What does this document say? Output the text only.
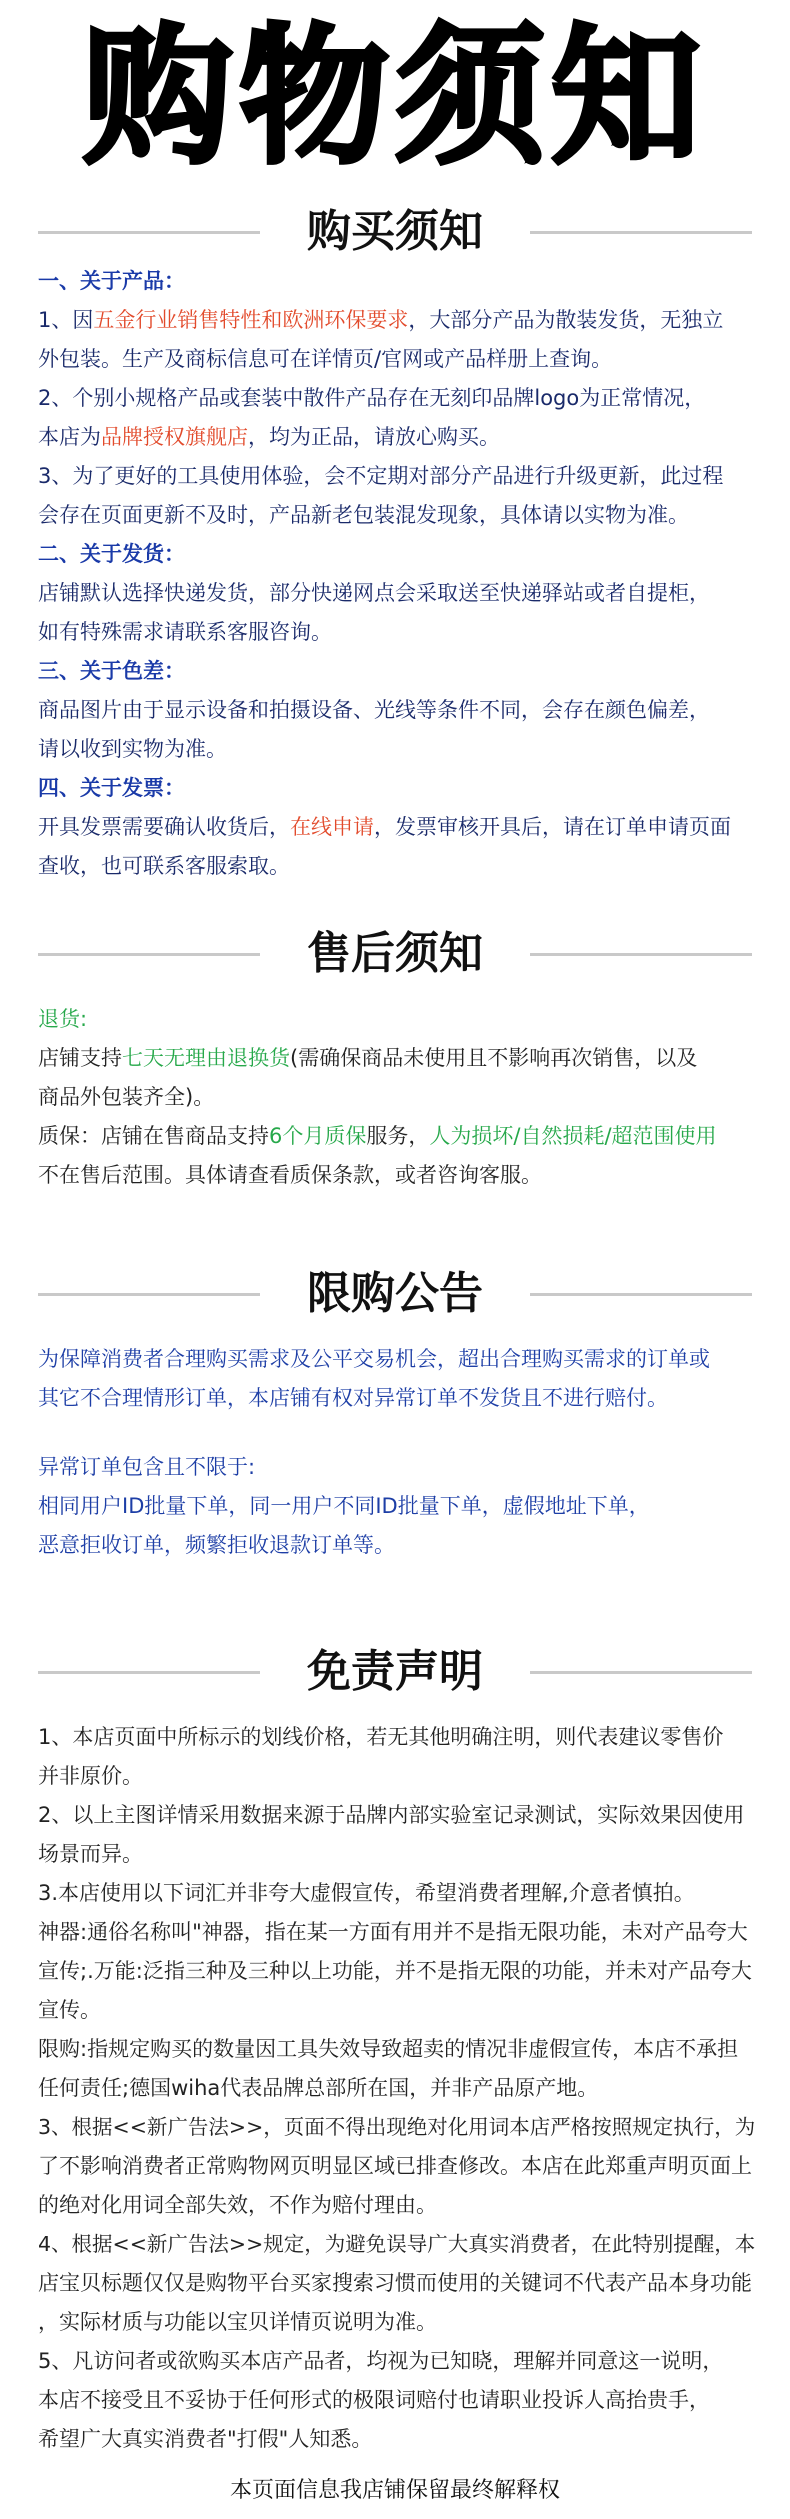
购物须知
购买须知
一、关于产品：
1、因五金行业销售特性和欧洲环保要求，大部分产品为散装发货，无独立
外包装。生产及商标信息可在详情页/官网或产品样册上查询。
2、个别小规格产品或套装中散件产品存在无刻印品牌logo为正常情况，
本店为品牌授权旗舰店，均为正品，请放心购买。
3、为了更好的工具使用体验，会不定期对部分产品进行升级更新，此过程
会存在页面更新不及时，产品新老包装混发现象，具体请以实物为准。
二、关于发货：
店铺默认选择快递发货，部分快递网点会采取送至快递驿站或者自提柜，
如有特殊需求请联系客服咨询。
三、关于色差：
商品图片由于显示设备和拍摄设备、光线等条件不同，会存在颜色偏差，
请以收到实物为准。
四、关于发票：
开具发票需要确认收货后，在线申请，发票审核开具后，请在订单申请页面
查收，也可联系客服索取。
售后须知
退货:
店铺支持七天无理由退换货(需确保商品未使用且不影响再次销售，以及
商品外包装齐全)。
质保：店铺在售商品支持6个月质保服务，人为损坏/自然损耗/超范围使用
不在售后范围。具体请查看质保条款，或者咨询客服。
限购公告
为保障消费者合理购买需求及公平交易机会，超出合理购买需求的订单或
其它不合理情形订单，本店铺有权对异常订单不发货且不进行赔付。
异常订单包含且不限于:
相同用户ID批量下单，同一用户不同ID批量下单，虚假地址下单，
恶意拒收订单，频繁拒收退款订单等。
免责声明
1、本店页面中所标示的划线价格，若无其他明确注明，则代表建议零售价
并非原价。
2、以上主图详情采用数据来源于品牌内部实验室记录测试，实际效果因使用
场景而异。
3.本店使用以下词汇并非夸大虚假宣传，希望消费者理解,介意者慎拍。
神器:通俗名称叫"神器，指在某一方面有用并不是指无限功能，未对产品夸大
宣传;.万能:泛指三种及三种以上功能，并不是指无限的功能，并未对产品夸大
宣传。
限购:指规定购买的数量因工具失效导致超卖的情况非虚假宣传，本店不承担
任何责任;德国wiha代表品牌总部所在国，并非产品原产地。
3、根据<<新广告法>>，页面不得出现绝对化用词本店严格按照规定执行，为
了不影响消费者正常购物网页明显区域已排查修改。本店在此郑重声明页面上
的绝对化用词全部失效，不作为赔付理由。
4、根据<<新广告法>>规定，为避免误导广大真实消费者，在此特别提醒，本
店宝贝标题仅仅是购物平台买家搜索习惯而使用的关键词不代表产品本身功能
，实际材质与功能以宝贝详情页说明为准。
5、凡访问者或欲购买本店产品者，均视为已知晓，理解并同意这一说明，
本店不接受且不妥协于任何形式的极限词赔付也请职业投诉人高抬贵手，
希望广大真实消费者"打假"人知悉。
本页面信息我店铺保留最终解释权
